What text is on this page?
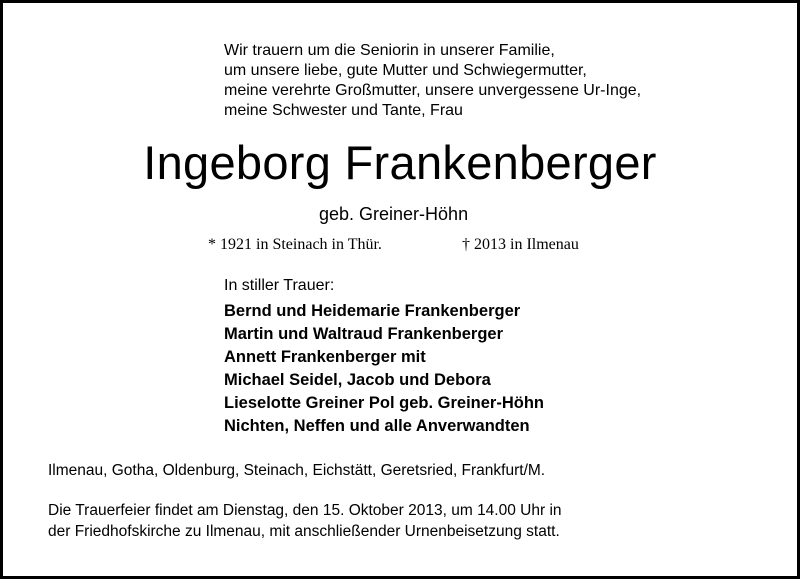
Wir trauern um die Seniorin in unserer Familie,
um unsere liebe, gute Mutter und Schwiegermutter,
meine verehrte Großmutter, unsere unvergessene Ur-Inge,
meine Schwester und Tante, Frau
Ingeborg Frankenberger
geb. Greiner-Höhn
* 1921 in Steinach in Thür.	† 2013 in Ilmenau
In stiller Trauer:
Bernd und Heidemarie Frankenberger
Martin und Waltraud Frankenberger
Annett Frankenberger mit
Michael Seidel, Jacob und Debora
Lieselotte Greiner Pol geb. Greiner-Höhn
Nichten, Neffen und alle Anverwandten
Ilmenau, Gotha, Oldenburg, Steinach, Eichstätt, Geretsried, Frankfurt/M.
Die Trauerfeier findet am Dienstag, den 15. Oktober 2013, um 14.00 Uhr in
der Friedhofskirche zu Ilmenau, mit anschließender Urnenbeisetzung statt.
